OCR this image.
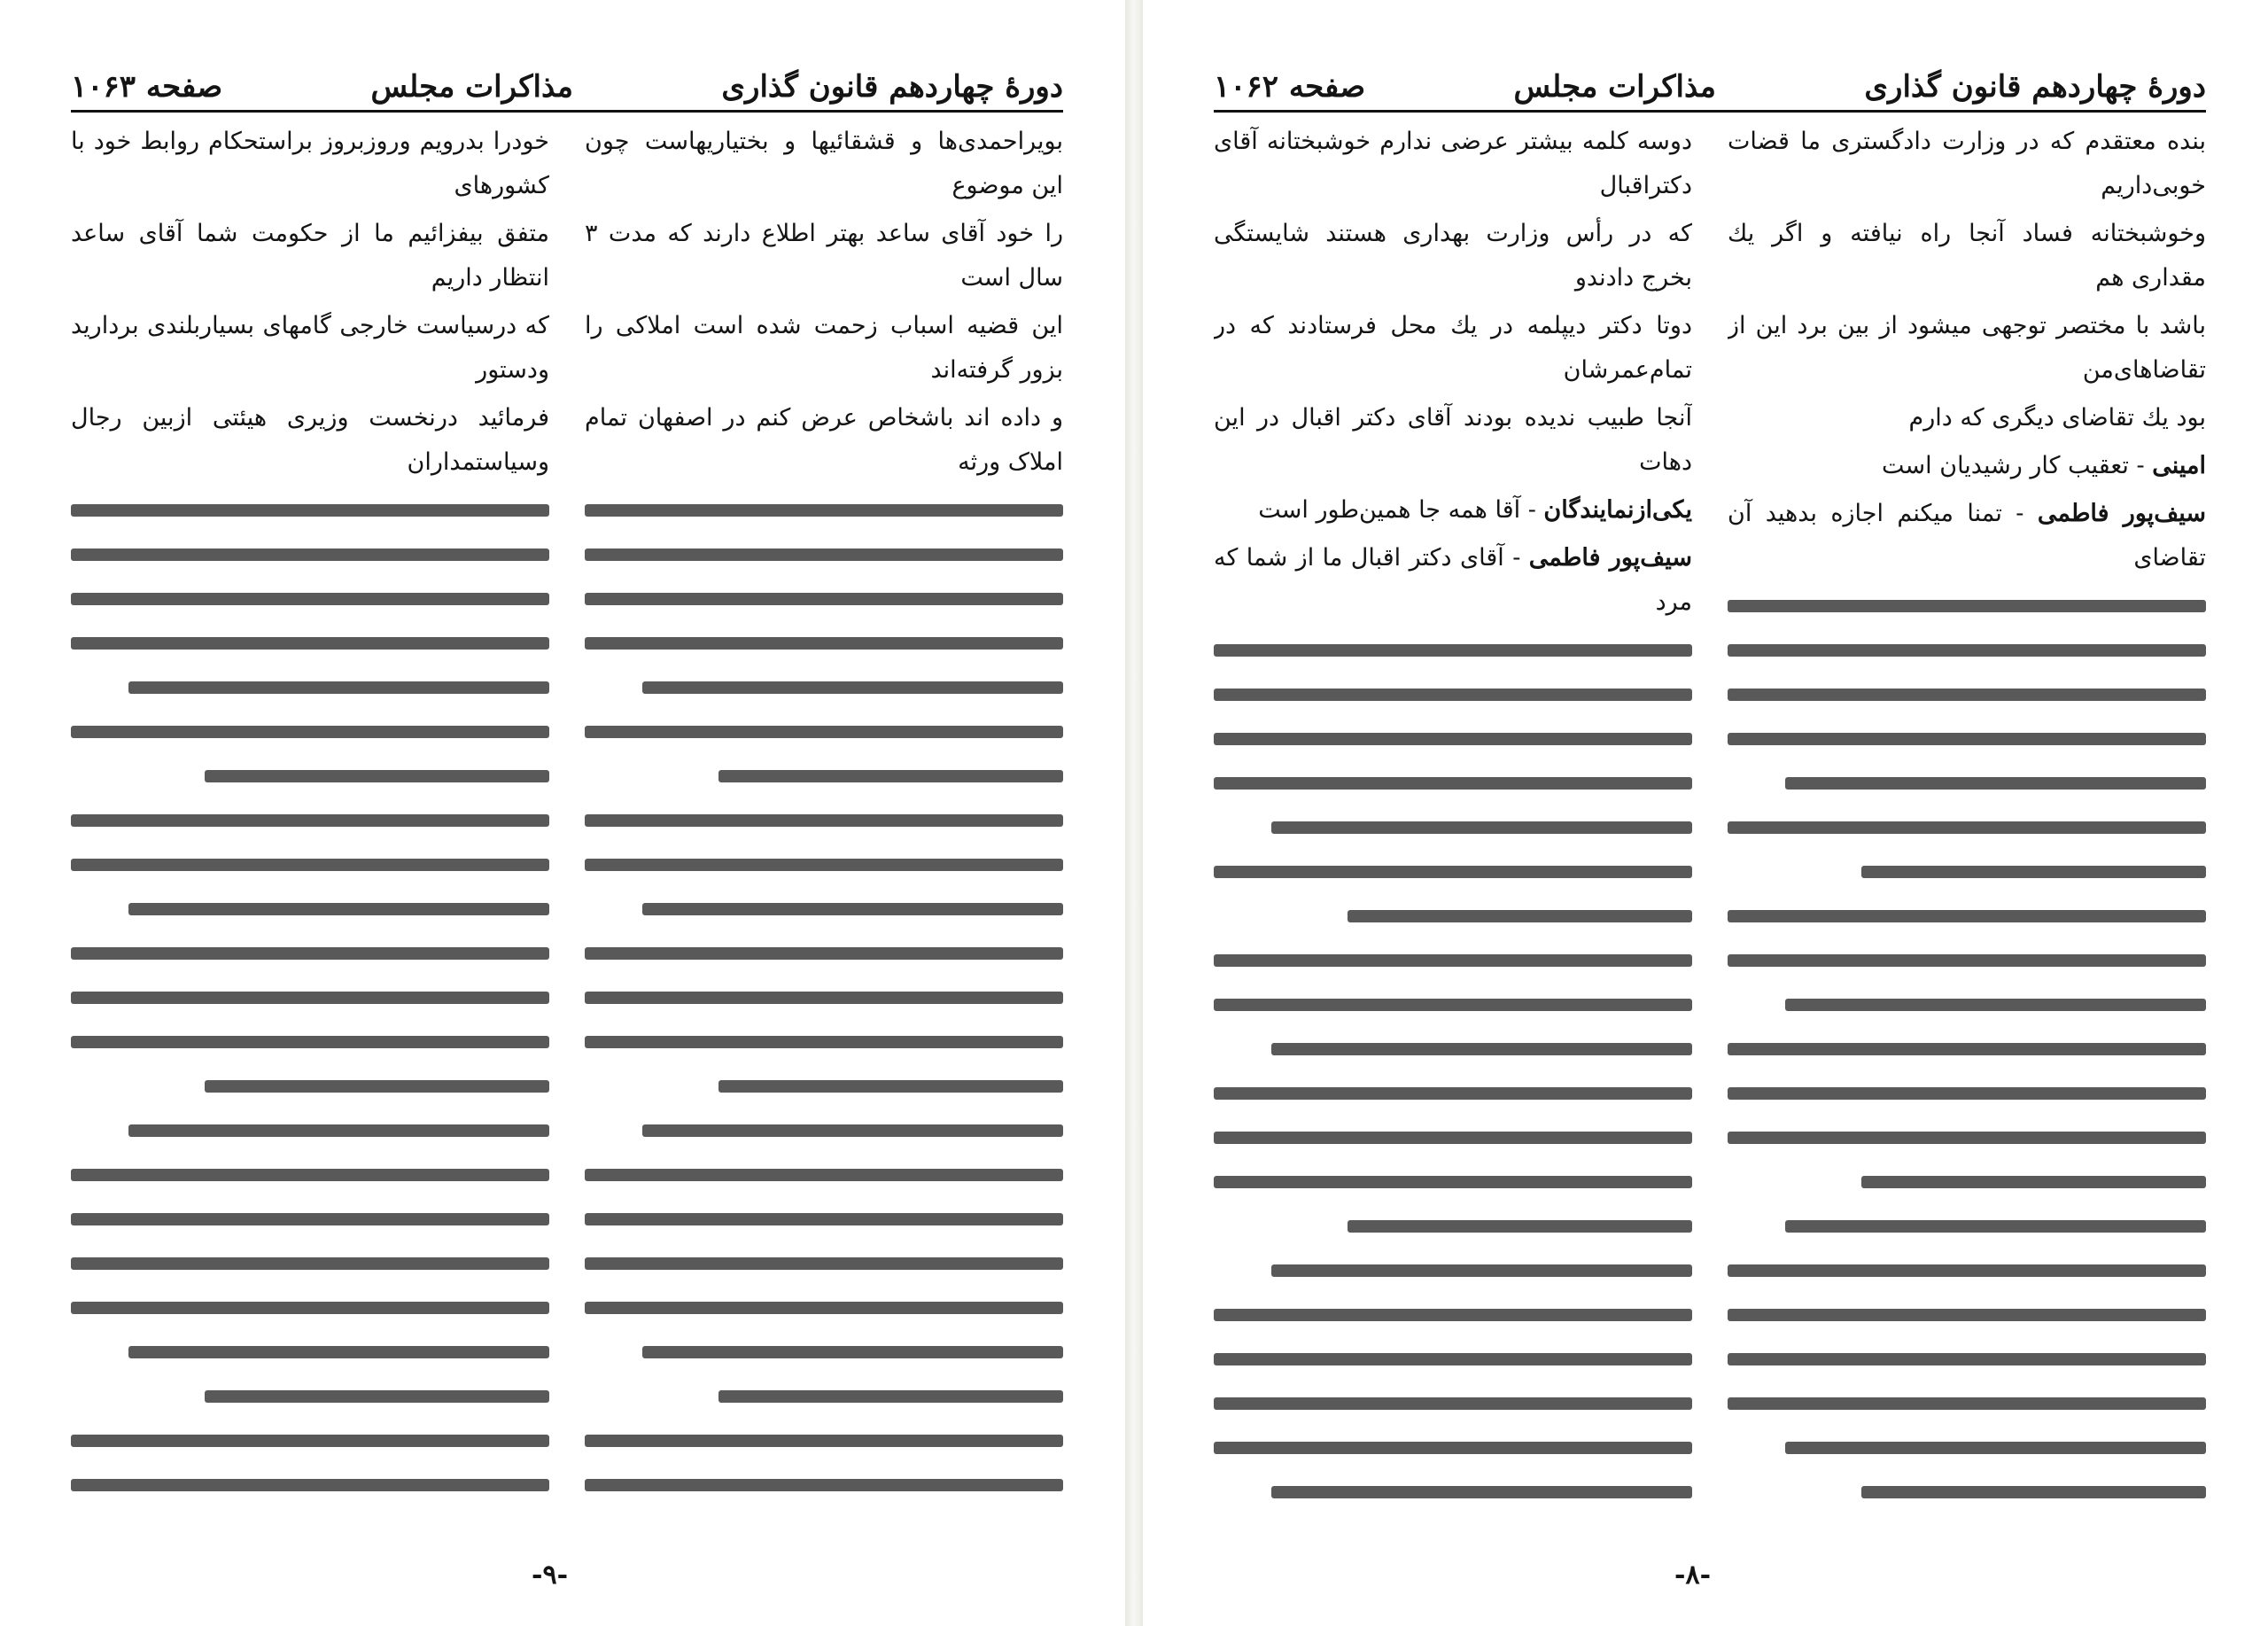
دورهٔ چهاردهم قانون گذاری
مذاکرات مجلس
صفحه ۱۰۶۳

بویراحمدی‌ها و قشقائیها و بختیاریهاست چون این موضوع

را خود آقای ساعد بهتر اطلاع دارند که مدت ۳ سال است

این قضیه اسباب زحمت شده است املاکی را بزور گرفته‌اند

و داده اند باشخاص عرض کنم در اصفهان تمام املاک ورثه

خودرا بدرویم وروزبروز براستحکام روابط خود با کشورهای

متفق بیفزائیم ما از حکومت شما آقای ساعد انتظار داریم

که درسیاست خارجی گامهای بسیاربلندی بردارید ودستور

فرمائید درنخست وزیری هیئتی ازبین رجال وسیاستمداران

-۹-
دورهٔ چهاردهم قانون گذاری
مذاکرات مجلس
صفحه ۱۰۶۲

بنده معتقدم که در وزارت دادگستری ما قضات خوبی‌داریم

وخوشبختانه فساد آنجا راه نیافته و اگر یك مقداری هم

باشد با مختصر توجهی میشود از بین برد این از تقاضاهای‌من

بود یك تقاضای دیگری که دارم

امینی - تعقیب کار رشیدیان است

سیف‌پور فاطمی - تمنا میکنم اجازه بدهید آن تقاضای

دوسه کلمه بیشتر عرضی ندارم خوشبختانه آقای دکتراقبال

که در رأس وزارت بهداری هستند شایستگی بخرج دادندو

دوتا دکتر دیپلمه در یك محل فرستادند که در تمام‌عمرشان

آنجا طبیب ندیده بودند آقای دکتر اقبال در این دهات

یکی‌ازنمایندگان - آقا همه جا همین‌طور است

سیف‌پور فاطمی - آقای دکتر اقبال ما از شما که مرد

-۸-
